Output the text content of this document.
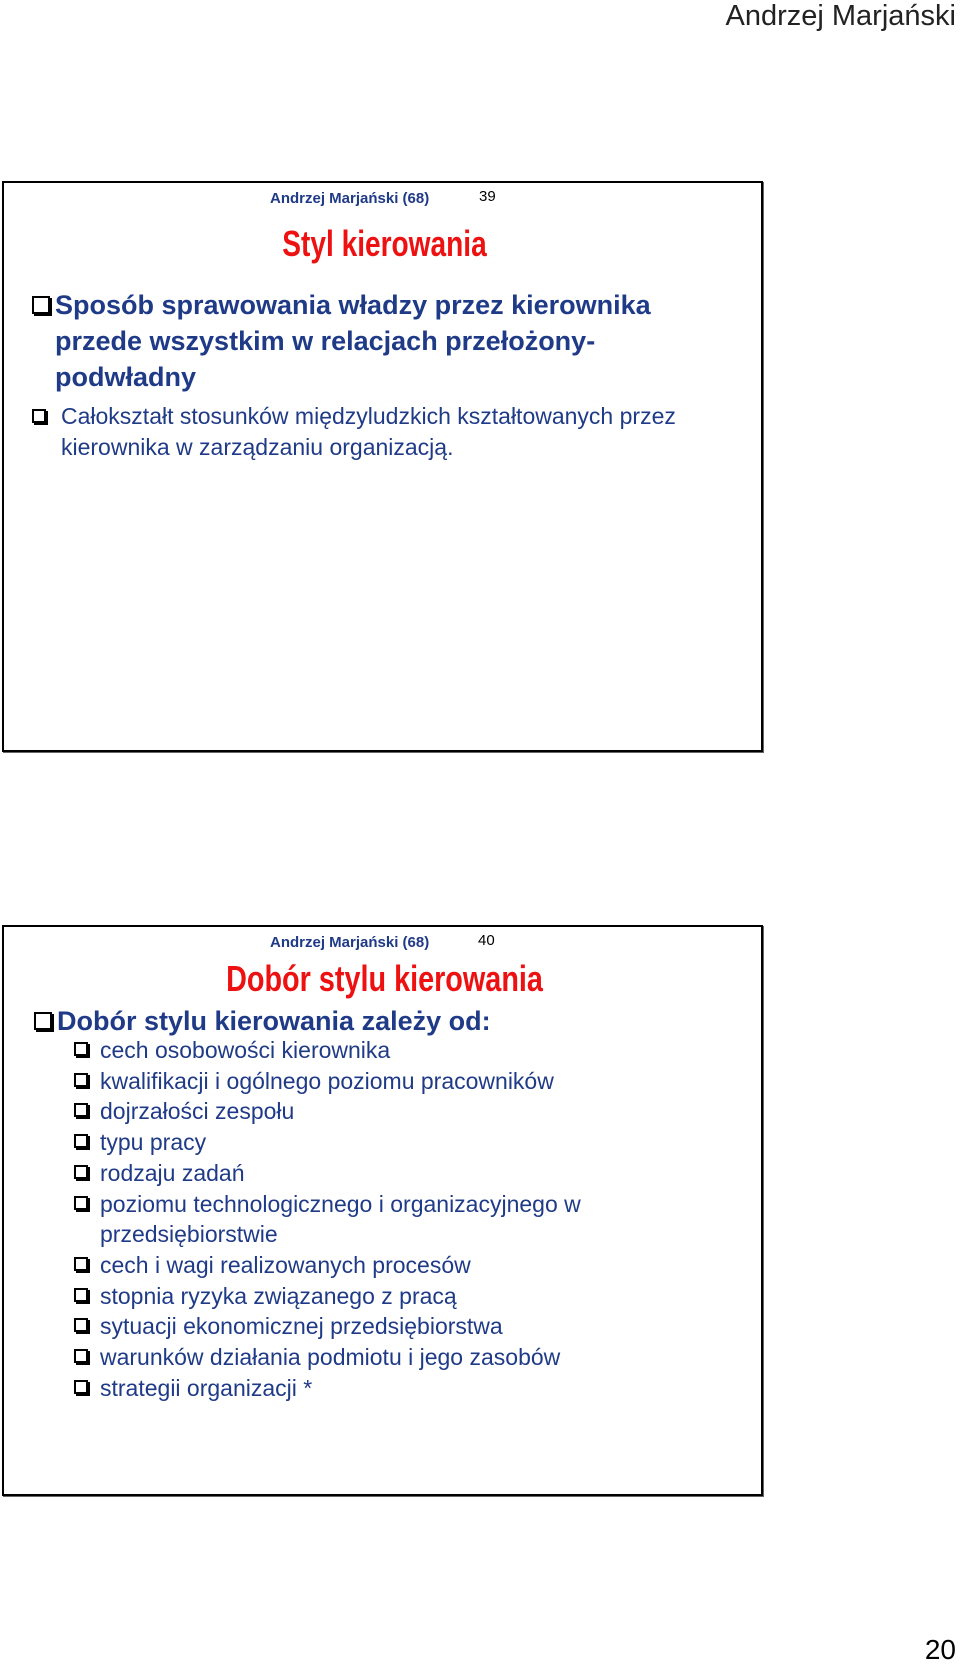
Andrzej Marjański
Andrzej Marjański (68)	39
Styl kierowania
Sposób sprawowania władzy przez kierownika przede wszystkim w relacjach przełożony-podwładny
Całokształt stosunków międzyludzkich kształtowanych przez kierownika w zarządzaniu organizacją.
Andrzej Marjański (68)	40
Dobór stylu kierowania
Dobór stylu kierowania zależy od:
cech osobowości kierownika
kwalifikacji i ogólnego poziomu pracowników
dojrzałości zespołu
typu pracy
rodzaju zadań
poziomu technologicznego i organizacyjnego w przedsiębiorstwie
cech i wagi realizowanych procesów
stopnia ryzyka związanego z pracą
sytuacji ekonomicznej przedsiębiorstwa
warunków działania podmiotu i jego zasobów
strategii organizacji *
20
